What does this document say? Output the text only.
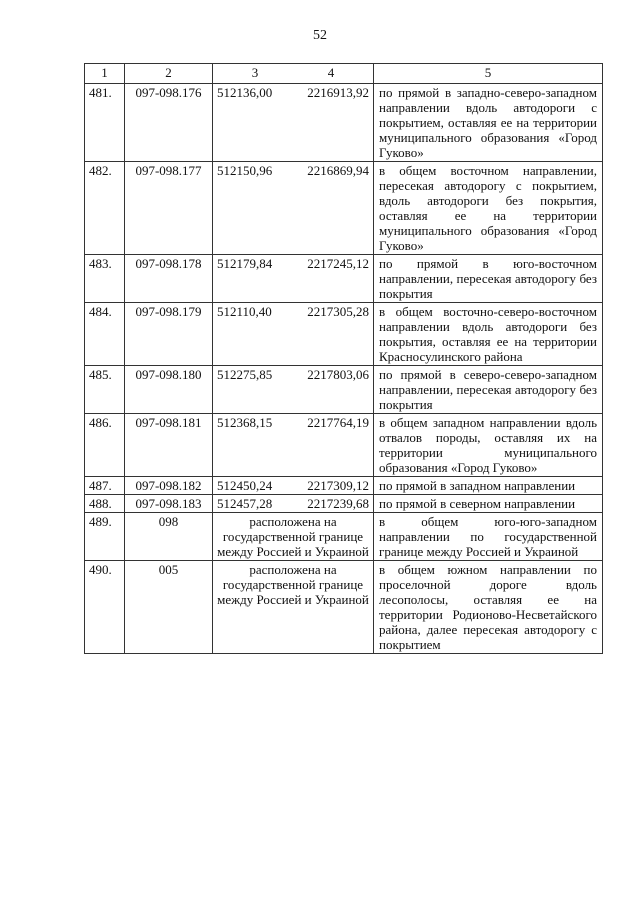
52
1	2	3 4	5
481.	097-098.176	512136,00 2216913,92	по прямой в западно-северо-западном направлении вдоль автодороги с покрытием, оставляя ее на территории муниципального образования «Город Гуково»
482.	097-098.177	512150,96 2216869,94	в общем восточном направлении, пересекая автодорогу с покрытием, вдоль автодороги без покрытия, оставляя ее на территории муниципального образования «Город Гуково»
483.	097-098.178	512179,84 2217245,12	по прямой в юго-восточном направлении, пересекая автодорогу без покрытия
484.	097-098.179	512110,40 2217305,28	в общем восточно-северо-восточном направлении вдоль автодороги без покрытия, оставляя ее на территории Красносулинского района
485.	097-098.180	512275,85 2217803,06	по прямой в северо-северо-западном направлении, пересекая автодорогу без покрытия
486.	097-098.181	512368,15 2217764,19	в общем западном направлении вдоль отвалов породы, оставляя их на территории муниципального образования «Город Гуково»
487.	097-098.182	512450,24 2217309,12	по прямой в западном направлении
488.	097-098.183	512457,28 2217239,68	по прямой в северном направлении
489.	098	расположена на государственной границе между Россией и Украиной	в общем юго-юго-западном направлении по государственной границе между Россией и Украиной
490.	005	расположена на государственной границе между Россией и Украиной	в общем южном направлении по проселочной дороге вдоль лесополосы, оставляя ее на территории Родионово-Несветайского района, далее пересекая автодорогу с покрытием
